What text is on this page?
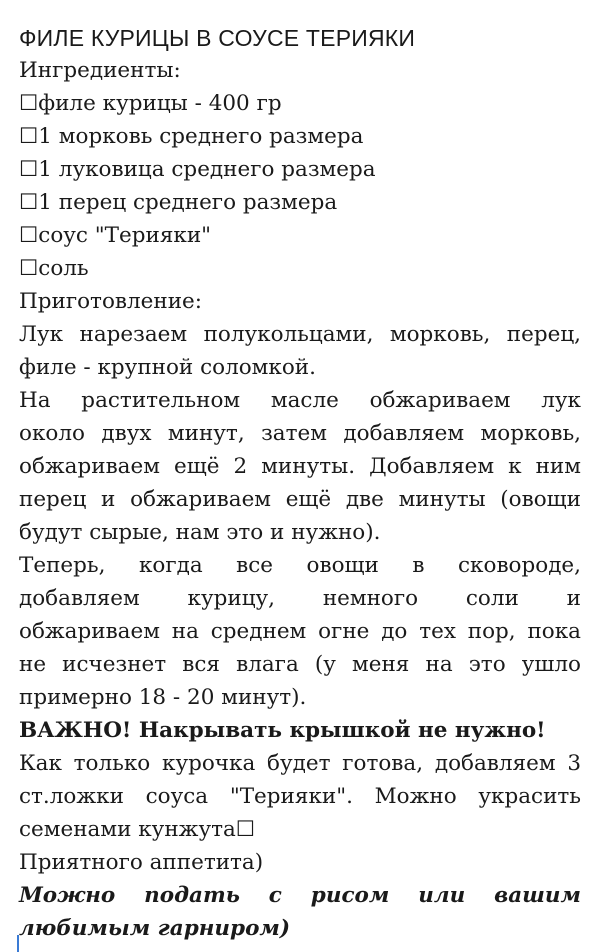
ФИЛЕ КУРИЦЫ В СОУСЕ ТЕРИЯКИ
Ингредиенты:
☐филе курицы - 400 гр
☐1 морковь среднего размера
☐1 луковица среднего размера
☐1 перец среднего размера
☐соус "Терияки"
☐соль
Приготовление:
Лук нарезаем полукольцами, морковь, перец,
филе - крупной соломкой.
На растительном масле обжариваем лук
около двух минут, затем добавляем морковь,
обжариваем ещё 2 минуты. Добавляем к ним
перец и обжариваем ещё две минуты (овощи
будут сырые, нам это и нужно).
Теперь, когда все овощи в сковороде,
добавляем курицу, немного соли и
обжариваем на среднем огне до тех пор, пока
не исчезнет вся влага (у меня на это ушло
примерно 18 - 20 минут).
ВАЖНО! Накрывать крышкой не нужно!
Как только курочка будет готова, добавляем 3
ст.ложки соуса "Терияки". Можно украсить
семенами кунжута☐
Приятного аппетита)
Можно подать с рисом или вашим
любимым гарниром)
